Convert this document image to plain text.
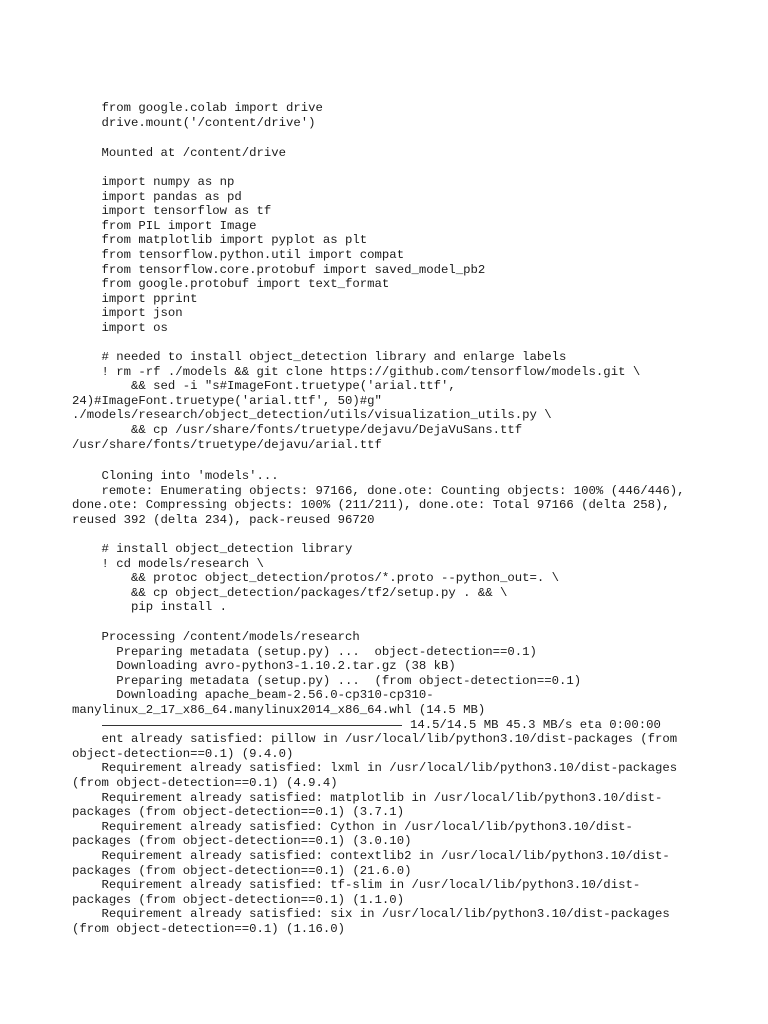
from google.colab import drive
drive.mount('/content/drive')
Mounted at /content/drive
import numpy as np
import pandas as pd
import tensorflow as tf
from PIL import Image
from matplotlib import pyplot as plt
from tensorflow.python.util import compat
from tensorflow.core.protobuf import saved_model_pb2
from google.protobuf import text_format
import pprint
import json
import os
# needed to install object_detection library and enlarge labels
! rm -rf ./models && git clone https://github.com/tensorflow/models.git \
&& sed -i "s#ImageFont.truetype('arial.ttf',
24)#ImageFont.truetype('arial.ttf', 50)#g"
./models/research/object_detection/utils/visualization_utils.py \
&& cp /usr/share/fonts/truetype/dejavu/DejaVuSans.ttf
/usr/share/fonts/truetype/dejavu/arial.ttf
Cloning into 'models'...
remote: Enumerating objects: 97166, done.ote: Counting objects: 100% (446/446),
done.ote: Compressing objects: 100% (211/211), done.ote: Total 97166 (delta 258),
reused 392 (delta 234), pack-reused 96720
# install object_detection library
! cd models/research \
&& protoc object_detection/protos/*.proto --python_out=. \
&& cp object_detection/packages/tf2/setup.py . && \
pip install .
Processing /content/models/research
Preparing metadata (setup.py) ...  object-detection==0.1)
Downloading avro-python3-1.10.2.tar.gz (38 kB)
Preparing metadata (setup.py) ...  (from object-detection==0.1)
Downloading apache_beam-2.56.0-cp310-cp310-
manylinux_2_17_x86_64.manylinux2014_x86_64.whl (14.5 MB)
14.5/14.5 MB 45.3 MB/s eta 0:00:00
ent already satisfied: pillow in /usr/local/lib/python3.10/dist-packages (from
object-detection==0.1) (9.4.0)
Requirement already satisfied: lxml in /usr/local/lib/python3.10/dist-packages
(from object-detection==0.1) (4.9.4)
Requirement already satisfied: matplotlib in /usr/local/lib/python3.10/dist-
packages (from object-detection==0.1) (3.7.1)
Requirement already satisfied: Cython in /usr/local/lib/python3.10/dist-
packages (from object-detection==0.1) (3.0.10)
Requirement already satisfied: contextlib2 in /usr/local/lib/python3.10/dist-
packages (from object-detection==0.1) (21.6.0)
Requirement already satisfied: tf-slim in /usr/local/lib/python3.10/dist-
packages (from object-detection==0.1) (1.1.0)
Requirement already satisfied: six in /usr/local/lib/python3.10/dist-packages
(from object-detection==0.1) (1.16.0)
